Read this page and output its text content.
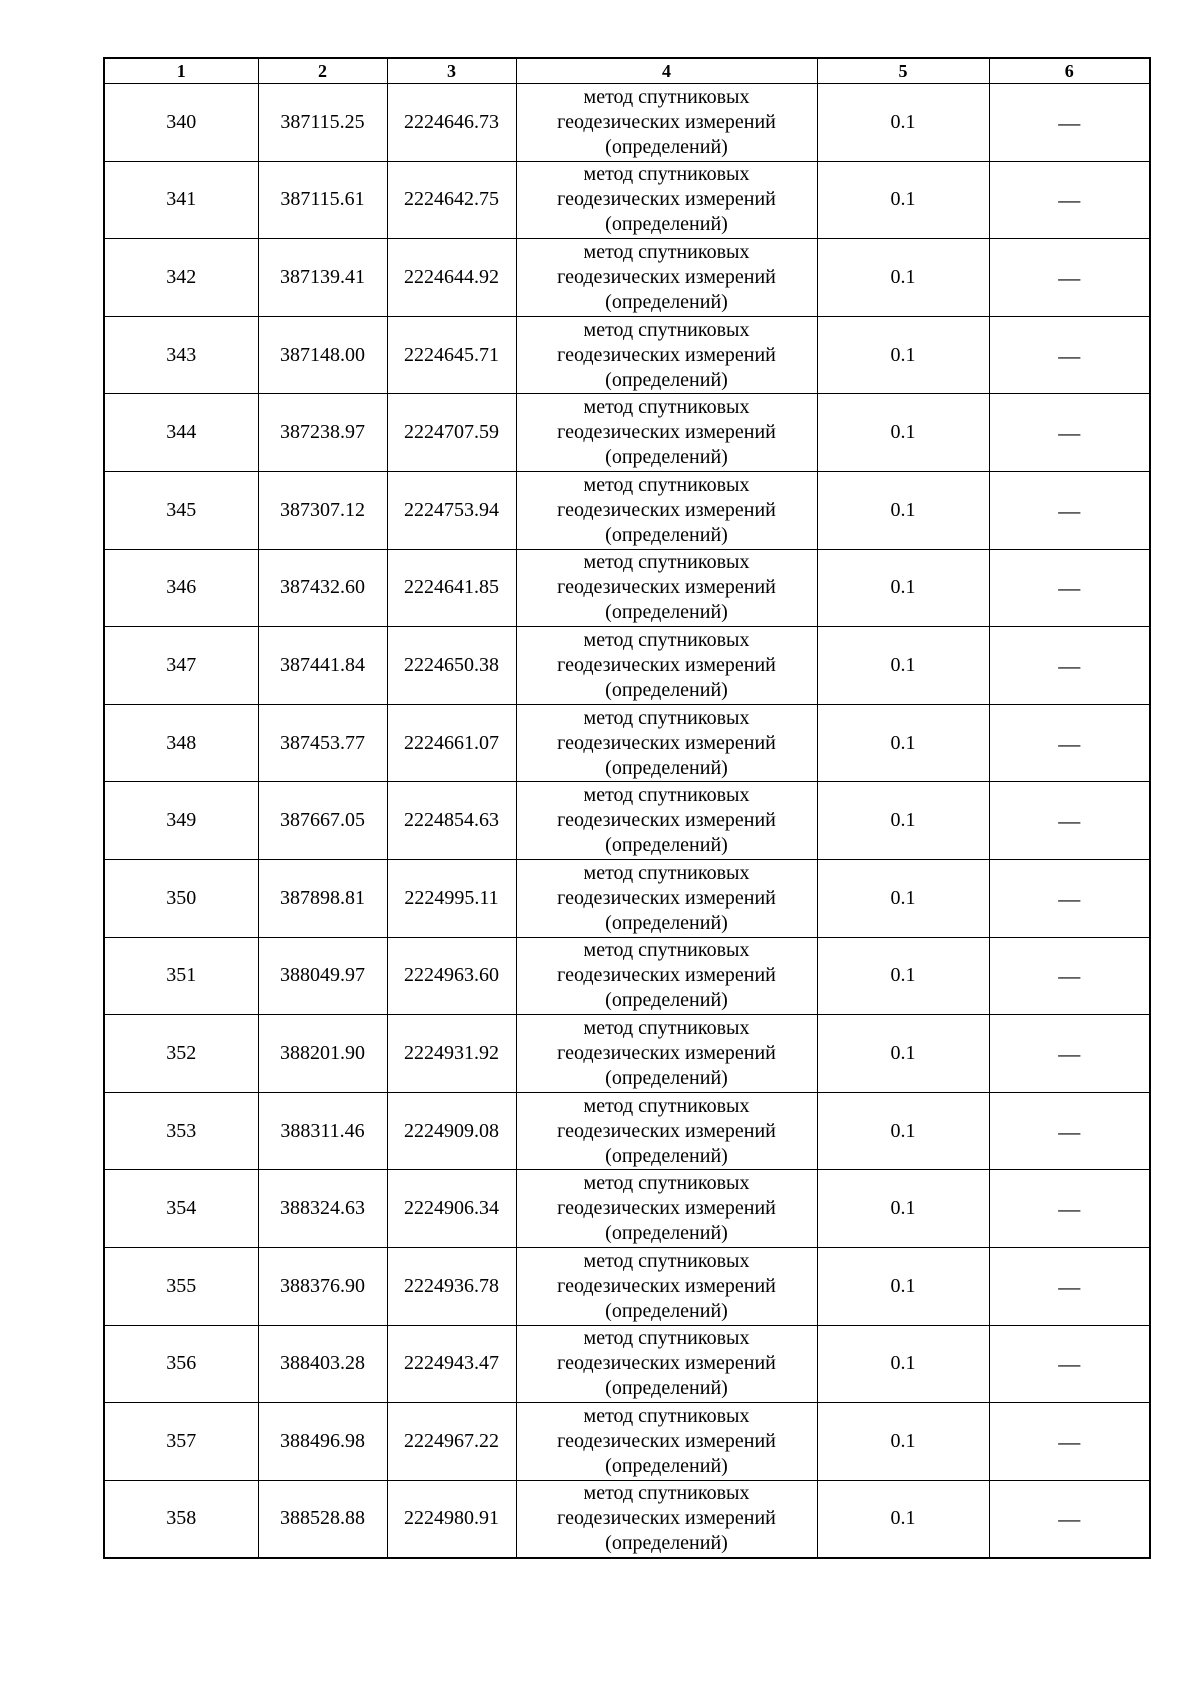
1	2	3	4	5	6
340	387115.25	2224646.73	метод спутниковых
геодезических измерений
(определений)	0.1	—
341	387115.61	2224642.75	метод спутниковых
геодезических измерений
(определений)	0.1	—
342	387139.41	2224644.92	метод спутниковых
геодезических измерений
(определений)	0.1	—
343	387148.00	2224645.71	метод спутниковых
геодезических измерений
(определений)	0.1	—
344	387238.97	2224707.59	метод спутниковых
геодезических измерений
(определений)	0.1	—
345	387307.12	2224753.94	метод спутниковых
геодезических измерений
(определений)	0.1	—
346	387432.60	2224641.85	метод спутниковых
геодезических измерений
(определений)	0.1	—
347	387441.84	2224650.38	метод спутниковых
геодезических измерений
(определений)	0.1	—
348	387453.77	2224661.07	метод спутниковых
геодезических измерений
(определений)	0.1	—
349	387667.05	2224854.63	метод спутниковых
геодезических измерений
(определений)	0.1	—
350	387898.81	2224995.11	метод спутниковых
геодезических измерений
(определений)	0.1	—
351	388049.97	2224963.60	метод спутниковых
геодезических измерений
(определений)	0.1	—
352	388201.90	2224931.92	метод спутниковых
геодезических измерений
(определений)	0.1	—
353	388311.46	2224909.08	метод спутниковых
геодезических измерений
(определений)	0.1	—
354	388324.63	2224906.34	метод спутниковых
геодезических измерений
(определений)	0.1	—
355	388376.90	2224936.78	метод спутниковых
геодезических измерений
(определений)	0.1	—
356	388403.28	2224943.47	метод спутниковых
геодезических измерений
(определений)	0.1	—
357	388496.98	2224967.22	метод спутниковых
геодезических измерений
(определений)	0.1	—
358	388528.88	2224980.91	метод спутниковых
геодезических измерений
(определений)	0.1	—
